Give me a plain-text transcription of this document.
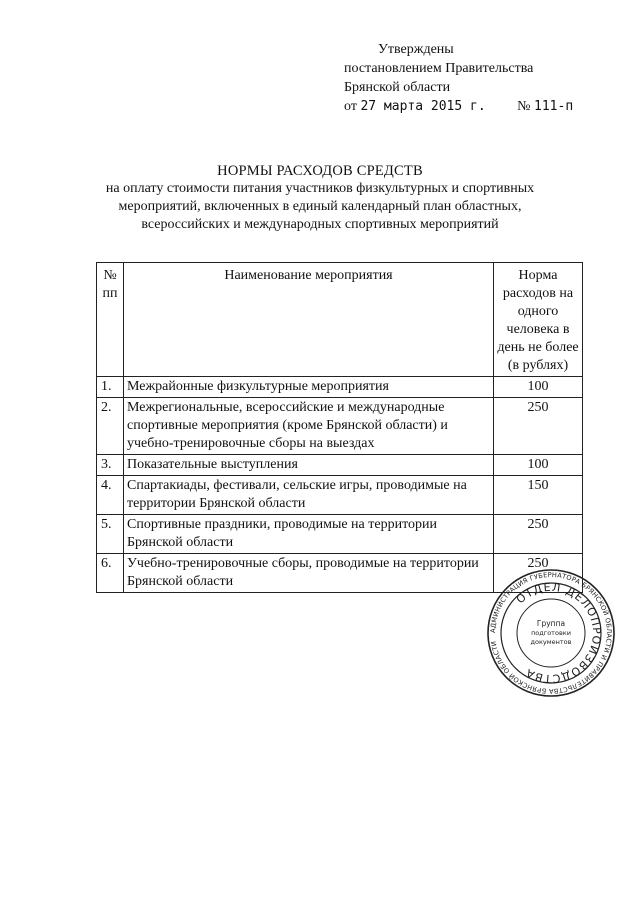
Утверждены
постановлением Правительства
Брянской области
от 27 марта 2015 г. № 111-п
НОРМЫ РАСХОДОВ СРЕДСТВ
на оплату стоимости питания участников физкультурных и спортивных
мероприятий, включенных в единый календарный план областных,
всероссийских и международных спортивных мероприятий
№ пп	Наименование мероприятия	Норма расходов на одного человека в день не более (в рублях)
1.	Межрайонные физкультурные мероприятия	100
2.	Межрегиональные, всероссийские и международные спортивные мероприятия (кроме Брянской области) и учебно-тренировочные сборы на выездах	250
3.	Показательные выступления	100
4.	Спартакиады, фестивали, сельские игры, проводимые на территории Брянской области	150
5.	Спортивные праздники, проводимые на территории Брянской области	250
6.	Учебно-тренировочные сборы, проводимые на территории Брянской области	250
АДМИНИСТРАЦИЯ ГУБЕРНАТОРА БРЯНСКОЙ ОБЛАСТИ И ПРАВИТЕЛЬСТВА БРЯНСКОЙ ОБЛАСТИ
ОТДЕЛ ДЕЛОПРОИЗВОДСТВА
Группа
подготовки
документов
